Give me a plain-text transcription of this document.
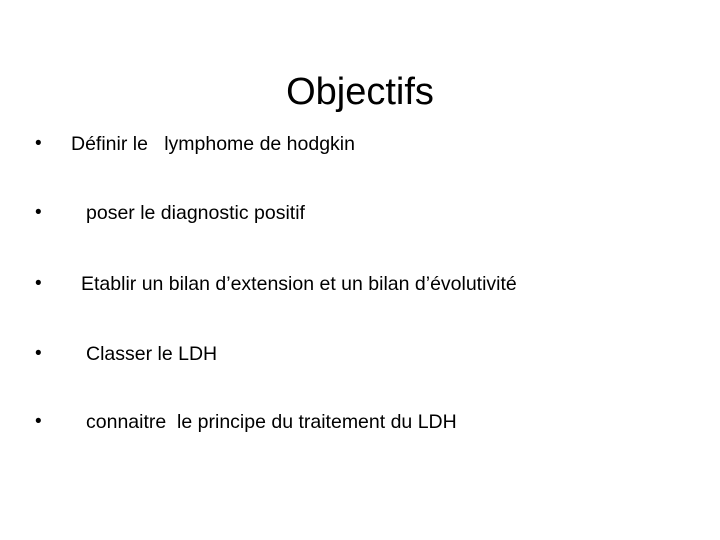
Objectifs
• Définir le   lymphome de hodgkin
• poser le diagnostic positif
• Etablir un bilan d’extension et un bilan d’évolutivité
• Classer le LDH
• connaitre  le principe du traitement du LDH
